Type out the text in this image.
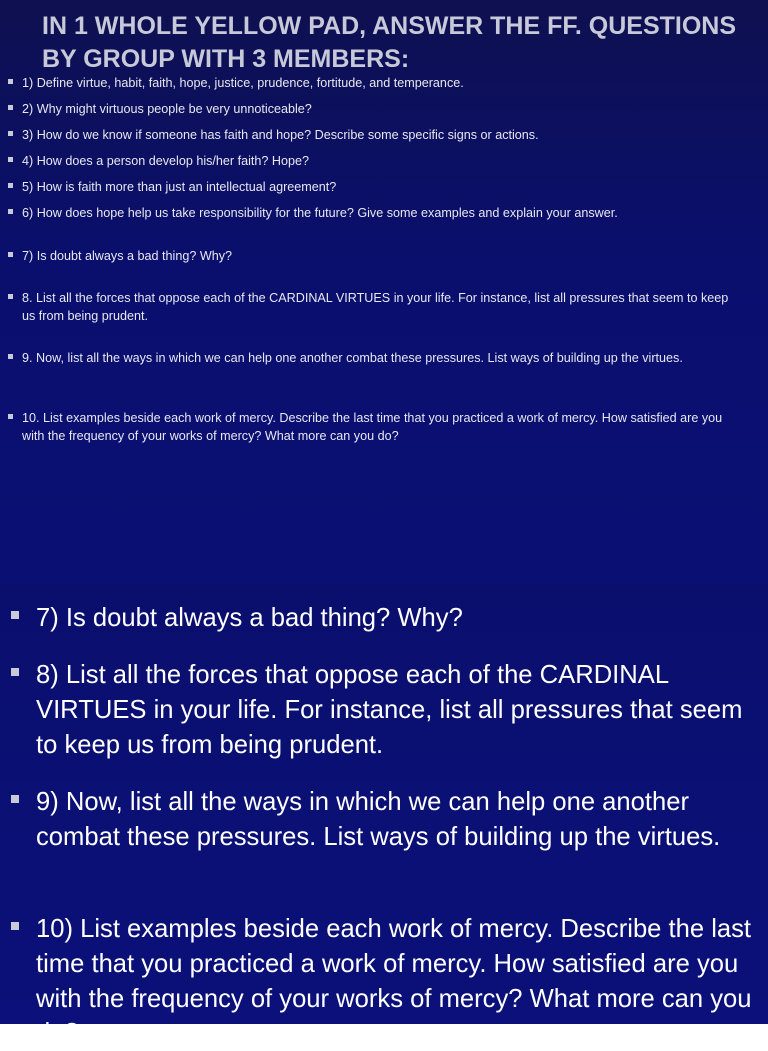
IN 1 WHOLE YELLOW PAD, ANSWER THE FF. QUESTIONS BY GROUP WITH 3 MEMBERS:
1) Define virtue, habit, faith, hope, justice, prudence, fortitude, and temperance.
2) Why might virtuous people be very unnoticeable?
3) How do we know if someone has faith and hope? Describe some specific signs or actions.
4) How does a person develop his/her faith? Hope?
5) How is faith more than just an intellectual agreement?
6) How does hope help us take responsibility for the future? Give some examples and explain your answer.
7) Is doubt always a bad thing? Why?
8. List all the forces that oppose each of the CARDINAL VIRTUES in your life. For instance, list all pressures that seem to keep us from being prudent.
9. Now, list all the ways in which we can help one another combat these pressures. List ways of building up the virtues.
10. List examples beside each work of mercy. Describe the last time that you practiced a work of mercy. How satisfied are you with the frequency of your works of mercy? What more can you do?
7) Is doubt always a bad thing? Why?
8) List all the forces that oppose each of the CARDINAL VIRTUES in your life. For instance, list all pressures that seem to keep us from being prudent.
9) Now, list all the ways in which we can help one another combat these pressures. List ways of building up the virtues.
10) List examples beside each work of mercy. Describe the last time that you practiced a work of mercy. How satisfied are you with the frequency of your works of mercy? What more can you do?
